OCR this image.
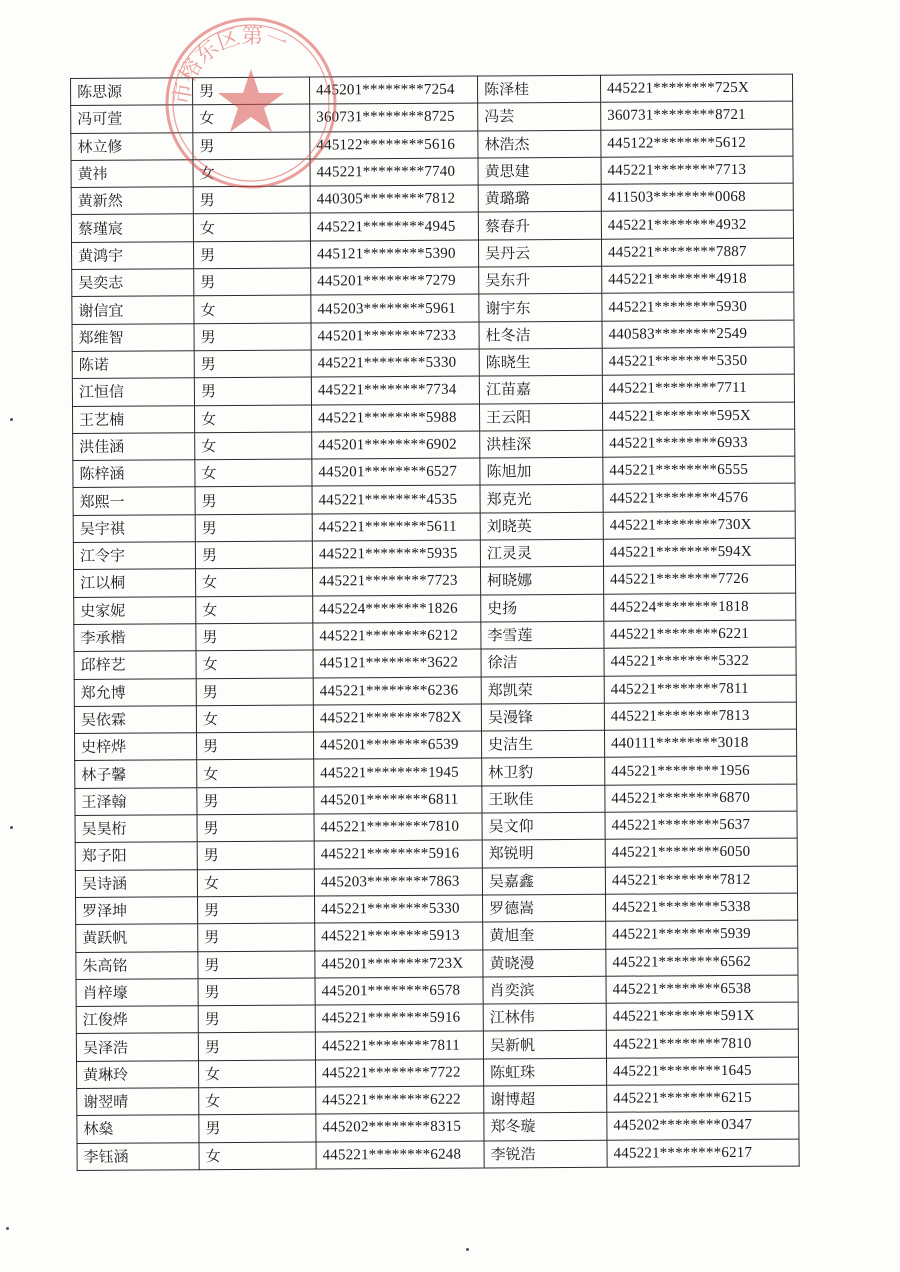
陈思源	男	445201********7254	陈泽桂	445221********725X
冯可萱	女	360731********8725	冯芸	360731********8721
林立修	男	445122********5616	林浩杰	445122********5612
黄祎	女	445221********7740	黄思建	445221********7713
黄新然	男	440305********7812	黄璐璐	411503********0068
蔡瑾宸	女	445221********4945	蔡春升	445221********4932
黄鸿宇	男	445121********5390	吴丹云	445221********7887
吴奕志	男	445201********7279	吴东升	445221********4918
谢信宜	女	445203********5961	谢宇东	445221********5930
郑维智	男	445201********7233	杜冬洁	440583********2549
陈诺	男	445221********5330	陈晓生	445221********5350
江恒信	男	445221********7734	江苗嘉	445221********7711
王艺楠	女	445221********5988	王云阳	445221********595X
洪佳涵	女	445201********6902	洪桂深	445221********6933
陈梓涵	女	445201********6527	陈旭加	445221********6555
郑熙一	男	445221********4535	郑克光	445221********4576
吴宇祺	男	445221********5611	刘晓英	445221********730X
江令宇	男	445221********5935	江灵灵	445221********594X
江以桐	女	445221********7723	柯晓娜	445221********7726
史家妮	女	445224********1826	史扬	445224********1818
李承楷	男	445221********6212	李雪莲	445221********6221
邱梓艺	女	445121********3622	徐洁	445221********5322
郑允博	男	445221********6236	郑凯荣	445221********7811
吴依霖	女	445221********782X	吴漫锋	445221********7813
史梓烨	男	445201********6539	史洁生	440111********3018
林子馨	女	445221********1945	林卫豹	445221********1956
王泽翰	男	445201********6811	王耿佳	445221********6870
吴昊桁	男	445221********7810	吴文仰	445221********5637
郑子阳	男	445221********5916	郑锐明	445221********6050
吴诗涵	女	445203********7863	吴嘉鑫	445221********7812
罗泽坤	男	445221********5330	罗德嵩	445221********5338
黄跃帆	男	445221********5913	黄旭奎	445221********5939
朱高铭	男	445201********723X	黄晓漫	445221********6562
肖梓壕	男	445201********6578	肖奕滨	445221********6538
江俊烨	男	445221********5916	江林伟	445221********591X
吴泽浩	男	445221********7811	吴新帆	445221********7810
黄琳玲	女	445221********7722	陈虹珠	445221********1645
谢翌晴	女	445221********6222	谢博超	445221********6215
林燊	男	445202********8315	郑冬璇	445202********0347
李钰涵	女	445221********6248	李锐浩	445221********6217
市榕东区第一
